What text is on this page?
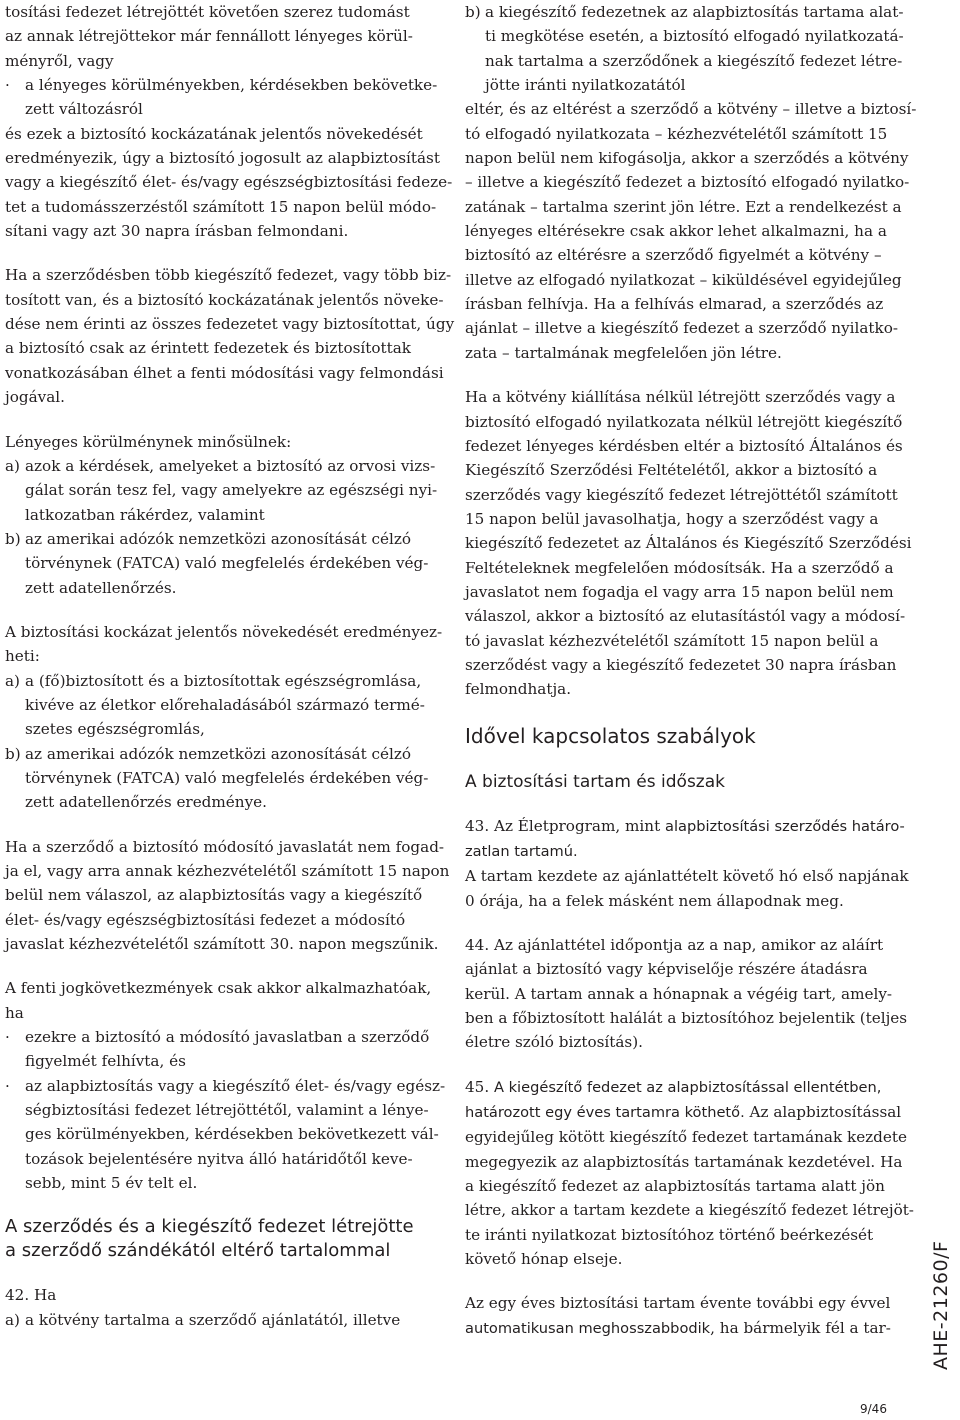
tosítási fedezet létrejöttét követően szerez tudomást
az annak létrejöttekor már fennállott lényeges körül-
ményről, vagy
· a lényeges körülményekben, kérdésekben bekövetke-
zett változásról
és ezek a biztosító kockázatának jelentős növekedését
eredményezik, úgy a biztosító jogosult az alapbiztosítást
vagy a kiegészítő élet- és/vagy egészségbiztosítási fedeze-
tet a tudomásszerzéstől számított 15 napon belül módo-
sítani vagy azt 30 napra írásban felmondani.
Ha a szerződésben több kiegészítő fedezet, vagy több biz-
tosított van, és a biztosító kockázatának jelentős növeke-
dése nem érinti az összes fedezetet vagy biztosítottat, úgy
a biztosító csak az érintett fedezetek és biztosítottak
vonatkozásában élhet a fenti módosítási vagy felmondási
jogával.
Lényeges körülménynek minősülnek:
a) azok a kérdések, amelyeket a biztosító az orvosi vizs-
gálat során tesz fel, vagy amelyekre az egészségi nyi-
latkozatban rákérdez, valamint
b) az amerikai adózók nemzetközi azonosítását célzó
törvénynek (FATCA) való megfelelés érdekében vég-
zett adatellenőrzés.
A biztosítási kockázat jelentős növekedését eredményez-
heti:
a) a (fő)biztosított és a biztosítottak egészségromlása,
kivéve az életkor előrehaladásából származó termé-
szetes egészségromlás,
b) az amerikai adózók nemzetközi azonosítását célzó
törvénynek (FATCA) való megfelelés érdekében vég-
zett adatellenőrzés eredménye.
Ha a szerződő a biztosító módosító javaslatát nem fogad-
ja el, vagy arra annak kézhezvételétől számított 15 napon
belül nem válaszol, az alapbiztosítás vagy a kiegészítő
élet- és/vagy egészségbiztosítási fedezet a módosító
javaslat kézhezvételétől számított 30. napon megszűnik.
A fenti jogkövetkezmények csak akkor alkalmazhatóak,
ha
· ezekre a biztosító a módosító javaslatban a szerződő
figyelmét felhívta, és
· az alapbiztosítás vagy a kiegészítő élet- és/vagy egész-
ségbiztosítási fedezet létrejöttétől, valamint a lénye-
ges körülményekben, kérdésekben bekövetkezett vál-
tozások bejelentésére nyitva álló határidőtől keve-
sebb, mint 5 év telt el.
A szerződés és a kiegészítő fedezet létrejötte
a szerződő szándékától eltérő tartalommal
42. Ha
a) a kötvény tartalma a szerződő ajánlatától, illetve
b) a kiegészítő fedezetnek az alapbiztosítás tartama alat-
ti megkötése esetén, a biztosító elfogadó nyilatkozatá-
nak tartalma a szerződőnek a kiegészítő fedezet létre-
jötte iránti nyilatkozatától
eltér, és az eltérést a szerződő a kötvény – illetve a biztosí-
tó elfogadó nyilatkozata – kézhezvételétől számított 15
napon belül nem kifogásolja, akkor a szerződés a kötvény
– illetve a kiegészítő fedezet a biztosító elfogadó nyilatko-
zatának – tartalma szerint jön létre. Ezt a rendelkezést a
lényeges eltérésekre csak akkor lehet alkalmazni, ha a
biztosító az eltérésre a szerződő figyelmét a kötvény –
illetve az elfogadó nyilatkozat – kiküldésével egyidejűleg
írásban felhívja. Ha a felhívás elmarad, a szerződés az
ajánlat – illetve a kiegészítő fedezet a szerződő nyilatko-
zata – tartalmának megfelelően jön létre.
Ha a kötvény kiállítása nélkül létrejött szerződés vagy a
biztosító elfogadó nyilatkozata nélkül létrejött kiegészítő
fedezet lényeges kérdésben eltér a biztosító Általános és
Kiegészítő Szerződési Feltételétől, akkor a biztosító a
szerződés vagy kiegészítő fedezet létrejöttétől számított
15 napon belül javasolhatja, hogy a szerződést vagy a
kiegészítő fedezetet az Általános és Kiegészítő Szerződési
Feltételeknek megfelelően módosítsák. Ha a szerződő a
javaslatot nem fogadja el vagy arra 15 napon belül nem
válaszol, akkor a biztosító az elutasítástól vagy a módosí-
tó javaslat kézhezvételétől számított 15 napon belül a
szerződést vagy a kiegészítő fedezetet 30 napra írásban
felmondhatja.
Idővel kapcsolatos szabályok
A biztosítási tartam és időszak
43. Az Életprogram, mint alapbiztosítási szerződés határo-
zatlan tartamú.
A tartam kezdete az ajánlattételt követő hó első napjának
0 órája, ha a felek másként nem állapodnak meg.
44. Az ajánlattétel időpontja az a nap, amikor az aláírt
ajánlat a biztosító vagy képviselője részére átadásra
kerül. A tartam annak a hónapnak a végéig tart, amely-
ben a főbiztosított halálát a biztosítóhoz bejelentik (teljes
életre szóló biztosítás).
45. A kiegészítő fedezet az alapbiztosítással ellentétben,
határozott egy éves tartamra köthető. Az alapbiztosítással
egyidejűleg kötött kiegészítő fedezet tartamának kezdete
megegyezik az alapbiztosítás tartamának kezdetével. Ha
a kiegészítő fedezet az alapbiztosítás tartama alatt jön
létre, akkor a tartam kezdete a kiegészítő fedezet létrejöt-
te iránti nyilatkozat biztosítóhoz történő beérkezését
követő hónap elseje.
Az egy éves biztosítási tartam évente további egy évvel
automatikusan meghosszabbodik, ha bármelyik fél a tar- AHE-21260/F
9/46
